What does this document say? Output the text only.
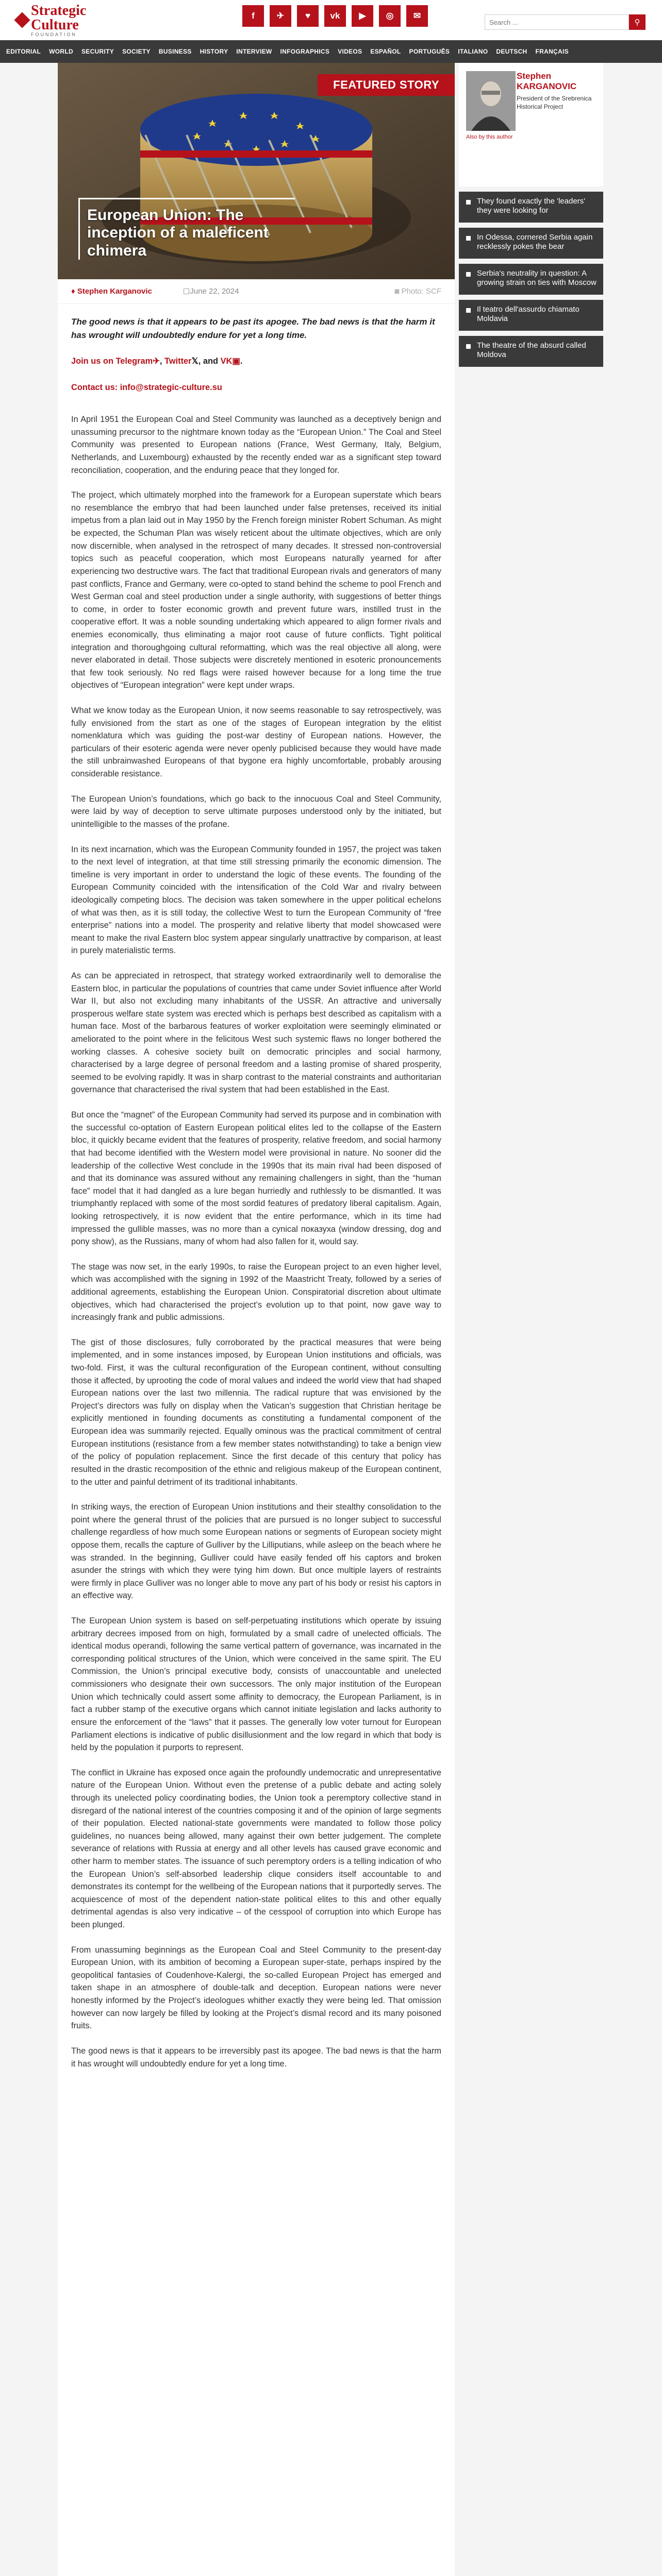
Strategic
Culture
FOUNDATION
f	✈	♥	vk	▶	◎	✉
Search ...
⚲
EDITORIAL	WORLD	SECURITY	SOCIETY	BUSINESS	HISTORY	INTERVIEW	INFOGRAPHICS	VIDEOS	ESPAÑOL	PORTUGUÊS	ITALIANO	DEUTSCH	FRANÇAIS
FEATURED STORY
European Union: The inception of a maleficent chimera
♦ Stephen Karganovic	☐ June 22, 2024	◙ Photo: SCF

The good news is that it appears to be past its apogee. The bad news is that the harm it has wrought will undoubtedly endure for yet a long time.

Join us on Telegram✈, Twitter𝕏, and VK▣.

Contact us: info@strategic-culture.su

In April 1951 the European Coal and Steel Community was launched as a deceptively benign and unassuming precursor to the nightmare known today as the “European Union.” The Coal and Steel Community was presented to European nations (France, West Germany, Italy, Belgium, Netherlands, and Luxembourg) exhausted by the recently ended war as a significant step toward reconciliation, cooperation, and the enduring peace that they longed for.

The project, which ultimately morphed into the framework for a European superstate which bears no resemblance the embryo that had been launched under false pretenses, received its initial impetus from a plan laid out in May 1950 by the French foreign minister Robert Schuman. As might be expected, the Schuman Plan was wisely reticent about the ultimate objectives, which are only now discernible, when analysed in the retrospect of many decades. It stressed non-controversial topics such as peaceful cooperation, which most Europeans naturally yearned for after experiencing two destructive wars. The fact that traditional European rivals and generators of many past conflicts, France and Germany, were co-opted to stand behind the scheme to pool French and West German coal and steel production under a single authority, with suggestions of better things to come, in order to foster economic growth and prevent future wars, instilled trust in the cooperative effort. It was a noble sounding undertaking which appeared to align former rivals and enemies economically, thus eliminating a major root cause of future conflicts. Tight political integration and thoroughgoing cultural reformatting, which was the real objective all along, were never elaborated in detail. Those subjects were discretely mentioned in esoteric pronouncements that few took seriously. No red flags were raised however because for a long time the true objectives of “European integration” were kept under wraps.

What we know today as the European Union, it now seems reasonable to say retrospectively, was fully envisioned from the start as one of the stages of European integration by the elitist nomenklatura which was guiding the post-war destiny of European nations. However, the particulars of their esoteric agenda were never openly publicised because they would have made the still unbrainwashed Europeans of that bygone era highly uncomfortable, probably arousing considerable resistance.

The European Union’s foundations, which go back to the innocuous Coal and Steel Community, were laid by way of deception to serve ultimate purposes understood only by the initiated, but unintelligible to the masses of the profane.

In its next incarnation, which was the European Community founded in 1957, the project was taken to the next level of integration, at that time still stressing primarily the economic dimension. The timeline is very important in order to understand the logic of these events. The founding of the European Community coincided with the intensification of the Cold War and rivalry between ideologically competing blocs. The decision was taken somewhere in the upper political echelons of what was then, as it is still today, the collective West to turn the European Community of “free enterprise” nations into a model. The prosperity and relative liberty that model showcased were meant to make the rival Eastern bloc system appear singularly unattractive by comparison, at least in purely materialistic terms.

As can be appreciated in retrospect, that strategy worked extraordinarily well to demoralise the Eastern bloc, in particular the populations of countries that came under Soviet influence after World War II, but also not excluding many inhabitants of the USSR. An attractive and universally prosperous welfare state system was erected which is perhaps best described as capitalism with a human face. Most of the barbarous features of worker exploitation were seemingly eliminated or ameliorated to the point where in the felicitous West such systemic flaws no longer bothered the working classes. A cohesive society built on democratic principles and social harmony, characterised by a large degree of personal freedom and a lasting promise of shared prosperity, seemed to be evolving rapidly. It was in sharp contrast to the material constraints and authoritarian governance that characterised the rival system that had been established in the East.

But once the “magnet” of the European Community had served its purpose and in combination with the successful co-optation of Eastern European political elites led to the collapse of the Eastern bloc, it quickly became evident that the features of prosperity, relative freedom, and social harmony that had become identified with the Western model were provisional in nature. No sooner did the leadership of the collective West conclude in the 1990s that its main rival had been disposed of and that its dominance was assured without any remaining challengers in sight, than the “human face” model that it had dangled as a lure began hurriedly and ruthlessly to be dismantled. It was triumphantly replaced with some of the most sordid features of predatory liberal capitalism. Again, looking retrospectively, it is now evident that the entire performance, which in its time had impressed the gullible masses, was no more than a cynical показуха (window dressing, dog and pony show), as the Russians, many of whom had also fallen for it, would say.

The stage was now set, in the early 1990s, to raise the European project to an even higher level, which was accomplished with the signing in 1992 of the Maastricht Treaty, followed by a series of additional agreements, establishing the European Union. Conspiratorial discretion about ultimate objectives, which had characterised the project’s evolution up to that point, now gave way to increasingly frank and public admissions.

The gist of those disclosures, fully corroborated by the practical measures that were being implemented, and in some instances imposed, by European Union institutions and officials, was two-fold. First, it was the cultural reconfiguration of the European continent, without consulting those it affected, by uprooting the code of moral values and indeed the world view that had shaped European nations over the last two millennia. The radical rupture that was envisioned by the Project’s directors was fully on display when the Vatican’s suggestion that Christian heritage be explicitly mentioned in founding documents as constituting a fundamental component of the European idea was summarily rejected. Equally ominous was the practical commitment of central European institutions (resistance from a few member states notwithstanding) to take a benign view of the policy of population replacement. Since the first decade of this century that policy has resulted in the drastic recomposition of the ethnic and religious makeup of the European continent, to the utter and painful detriment of its traditional inhabitants.

In striking ways, the erection of European Union institutions and their stealthy consolidation to the point where the general thrust of the policies that are pursued is no longer subject to successful challenge regardless of how much some European nations or segments of European society might oppose them, recalls the capture of Gulliver by the Lilliputians, while asleep on the beach where he was stranded. In the beginning, Gulliver could have easily fended off his captors and broken asunder the strings with which they were tying him down. But once multiple layers of restraints were firmly in place Gulliver was no longer able to move any part of his body or resist his captors in an effective way.

The European Union system is based on self-perpetuating institutions which operate by issuing arbitrary decrees imposed from on high, formulated by a small cadre of unelected officials. The identical modus operandi, following the same vertical pattern of governance, was incarnated in the corresponding political structures of the Union, which were conceived in the same spirit. The EU Commission, the Union’s principal executive body, consists of unaccountable and unelected commissioners who designate their own successors. The only major institution of the European Union which technically could assert some affinity to democracy, the European Parliament, is in fact a rubber stamp of the executive organs which cannot initiate legislation and lacks authority to ensure the enforcement of the “laws” that it passes. The generally low voter turnout for European Parliament elections is indicative of public disillusionment and the low regard in which that body is held by the population it purports to represent.

The conflict in Ukraine has exposed once again the profoundly undemocratic and unrepresentative nature of the European Union. Without even the pretense of a public debate and acting solely through its unelected policy coordinating bodies, the Union took a peremptory collective stand in disregard of the national interest of the countries composing it and of the opinion of large segments of their population. Elected national-state governments were mandated to follow those policy guidelines, no nuances being allowed, many against their own better judgement. The complete severance of relations with Russia at energy and all other levels has caused grave economic and other harm to member states. The issuance of such peremptory orders is a telling indication of who the European Union’s self-absorbed leadership clique considers itself accountable to and demonstrates its contempt for the wellbeing of the European nations that it purportedly serves. The acquiescence of most of the dependent nation-state political elites to this and other equally detrimental agendas is also very indicative – of the cesspool of corruption into which Europe has been plunged.

From unassuming beginnings as the European Coal and Steel Community to the present-day European Union, with its ambition of becoming a European super-state, perhaps inspired by the geopolitical fantasies of Coudenhove-Kalergi, the so-called European Project has emerged and taken shape in an atmosphere of double-talk and deception. European nations were never honestly informed by the Project’s ideologues whither exactly they were being led. That omission however can now largely be filled by looking at the Project’s dismal record and its many poisoned fruits.

The good news is that it appears to be irreversibly past its apogee. The bad news is that the harm it has wrought will undoubtedly endure for yet a long time.

Stephen KARGANOVIC
President of the Srebrenica Historical Project
Also by this author
They found exactly the 'leaders' they were looking for
In Odessa, cornered Serbia again recklessly pokes the bear
Serbia's neutrality in question: A growing strain on ties with Moscow
Il teatro dell'assurdo chiamato Moldavia
The theatre of the absurd called Moldova
